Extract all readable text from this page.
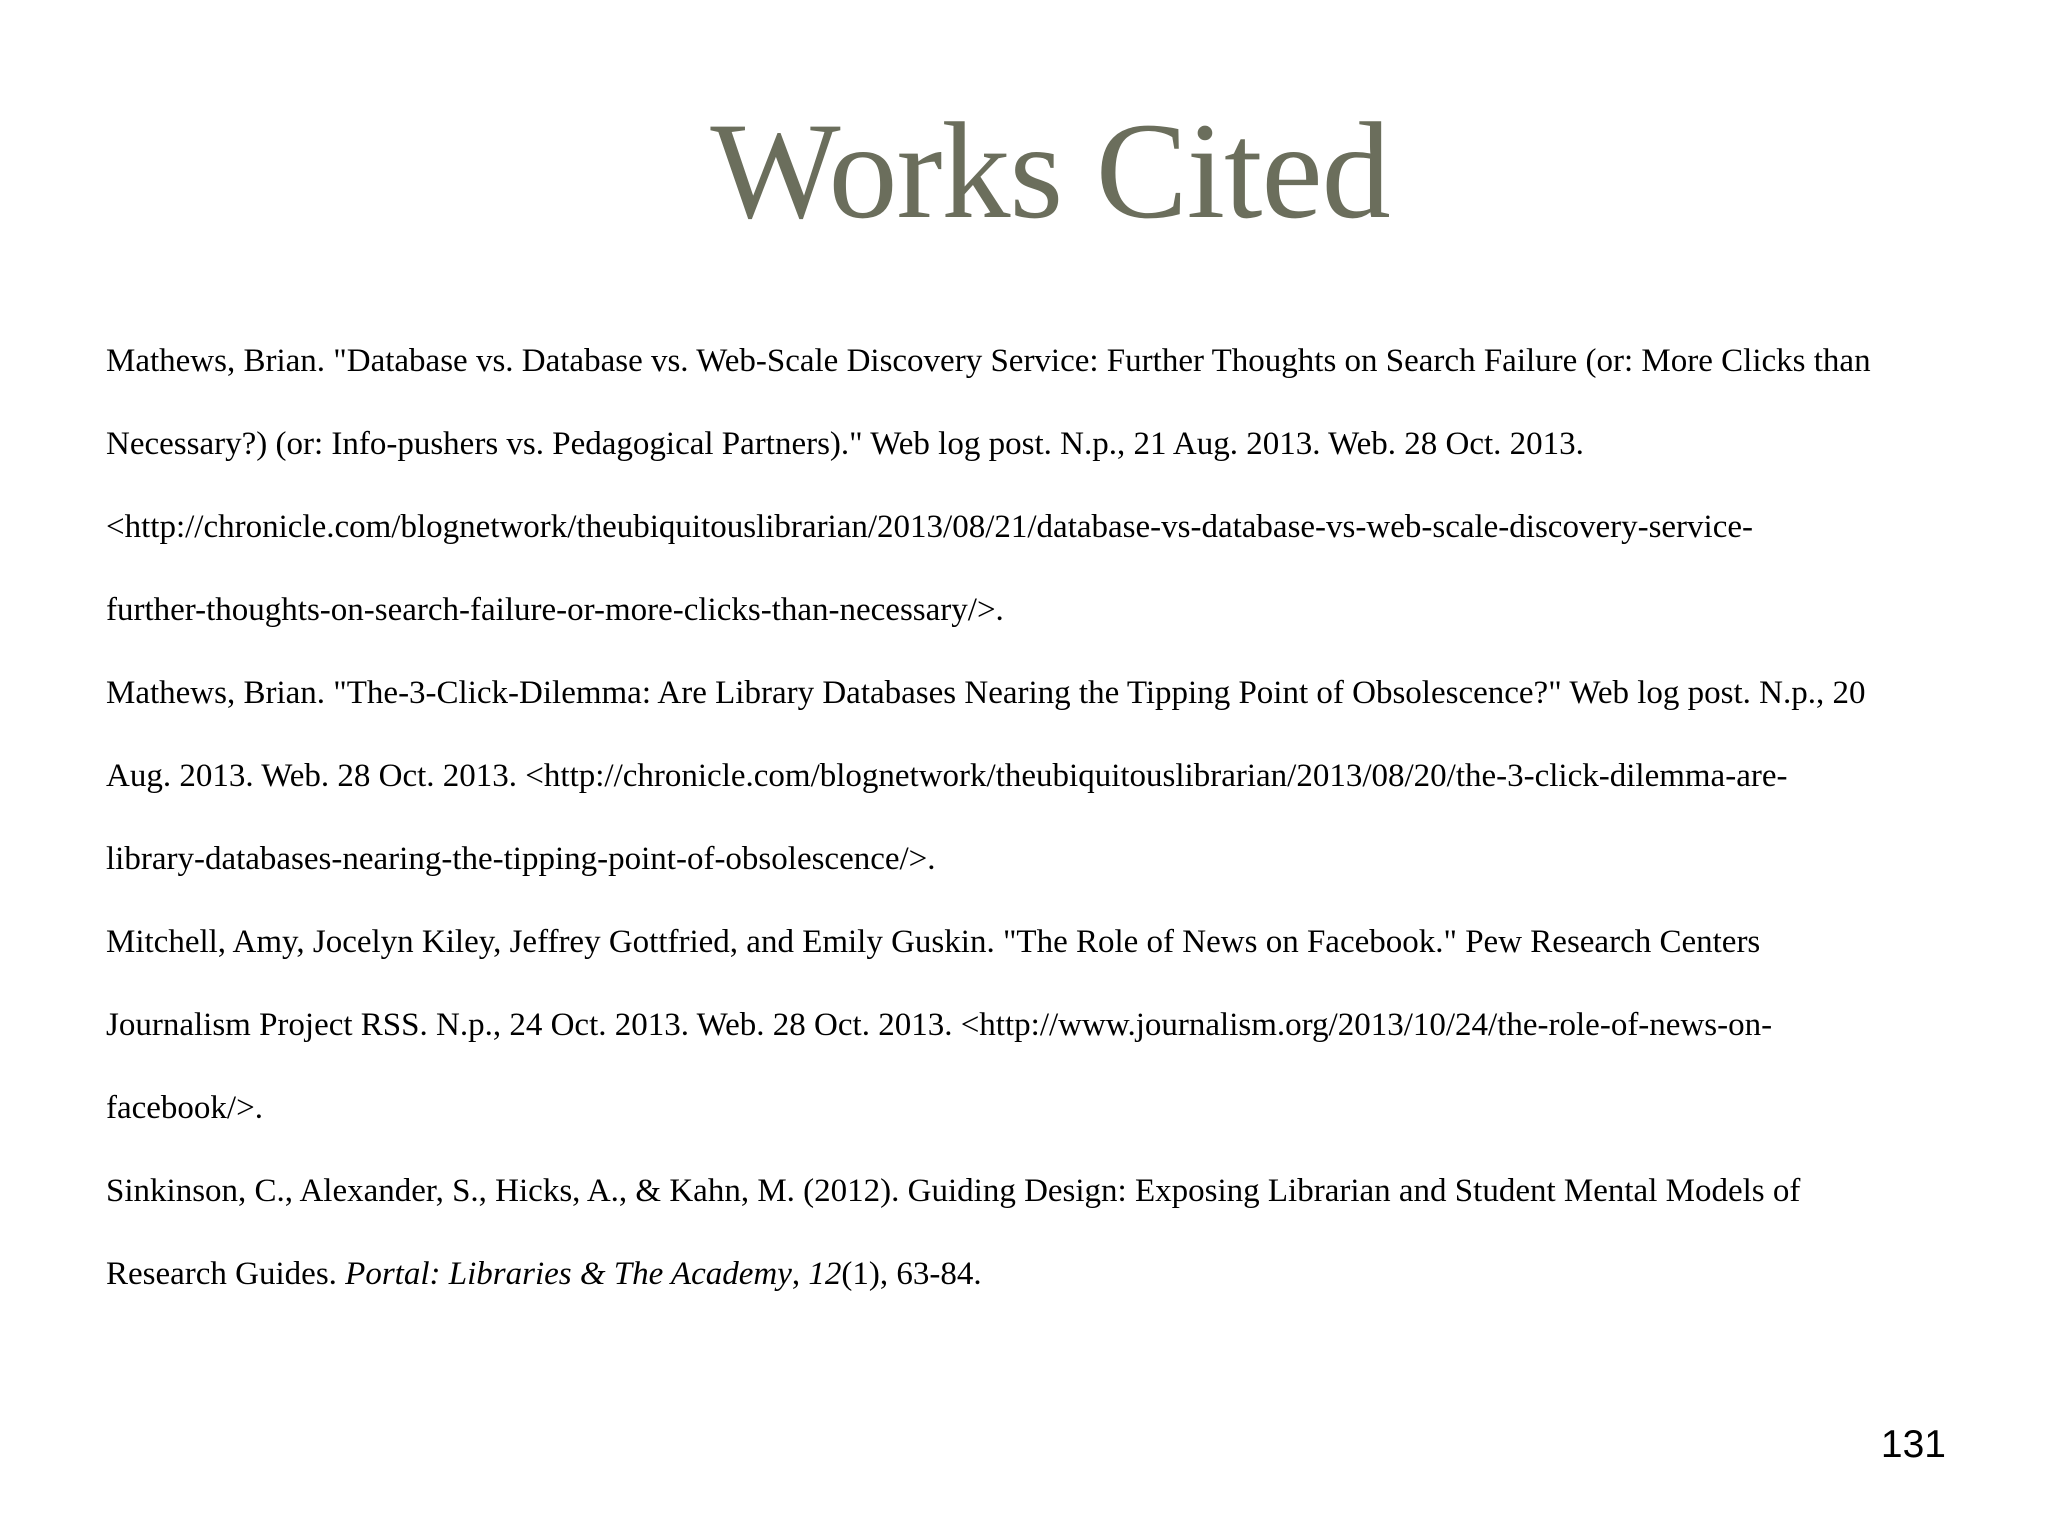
Works Cited

Mathews, Brian. "Database vs. Database vs. Web-Scale Discovery Service: Further Thoughts on Search Failure (or: More Clicks than
Necessary?) (or: Info-pushers vs. Pedagogical Partners)." Web log post. N.p., 21 Aug. 2013. Web. 28 Oct. 2013.
<http://chronicle.com/blognetwork/theubiquitouslibrarian/2013/08/21/database-vs-database-vs-web-scale-discovery-service-
further-thoughts-on-search-failure-or-more-clicks-than-necessary/>.

Mathews, Brian. "The-3-Click-Dilemma: Are Library Databases Nearing the Tipping Point of Obsolescence?" Web log post. N.p., 20
Aug. 2013. Web. 28 Oct. 2013. <http://chronicle.com/blognetwork/theubiquitouslibrarian/2013/08/20/the-3-click-dilemma-are-
library-databases-nearing-the-tipping-point-of-obsolescence/>.

Mitchell, Amy, Jocelyn Kiley, Jeffrey Gottfried, and Emily Guskin. "The Role of News on Facebook." Pew Research Centers
Journalism Project RSS. N.p., 24 Oct. 2013. Web. 28 Oct. 2013. <http://www.journalism.org/2013/10/24/the-role-of-news-on-
facebook/>.

Sinkinson, C., Alexander, S., Hicks, A., & Kahn, M. (2012). Guiding Design: Exposing Librarian and Student Mental Models of
Research Guides. Portal: Libraries & The Academy, 12(1), 63-84.

131
